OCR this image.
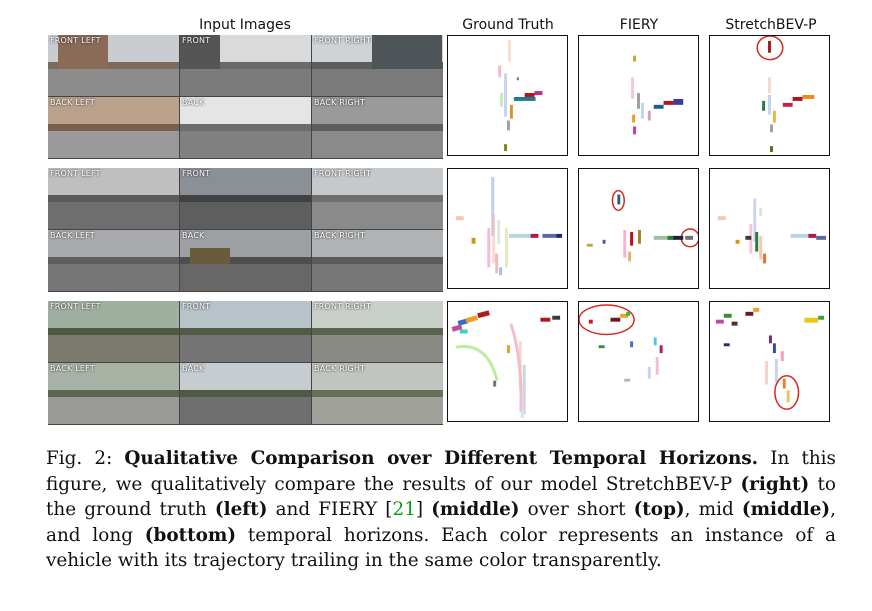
Input Images	Ground Truth	FIERY	StretchBEV-P
FRONT LEFT	FRONT	FRONT RIGHT
BACK LEFT	BACK	BACK RIGHT
FRONT LEFT	FRONT	FRONT RIGHT
BACK LEFT	BACK	BACK RIGHT
FRONT LEFT	FRONT	FRONT RIGHT
BACK LEFT	BACK	BACK RIGHT
Fig. 2: Qualitative Comparison over Different Temporal Horizons. In this figure, we qualitatively compare the results of our model StretchBEV-P (right) to the ground truth (left) and FIERY [21] (middle) over short (top), mid (middle), and long (bottom) temporal horizons. Each color represents an instance of a vehicle with its trajectory trailing in the same color transparently.
